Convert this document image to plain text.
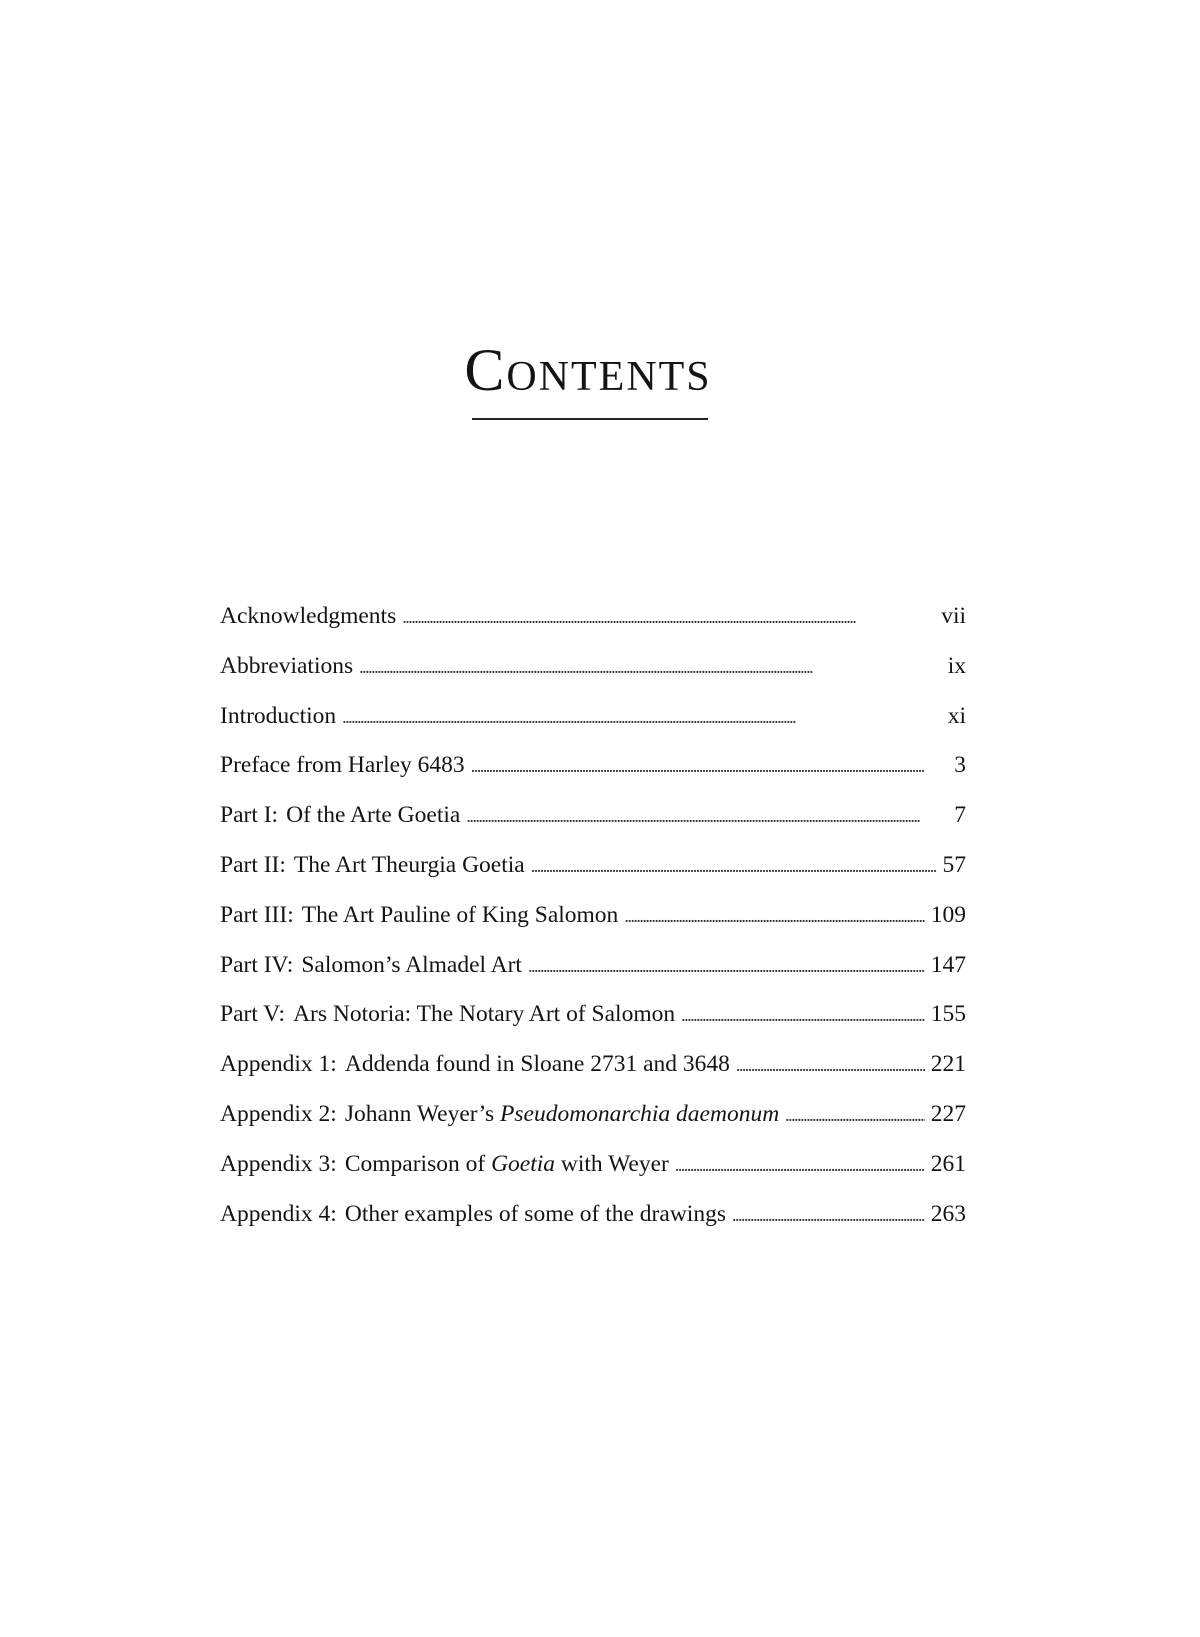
Contents
Acknowledgments . . .	vii
Abbreviations . . .	ix
Introduction . . .	xi
Preface from Harley 6483 . . .	3
Part I: Of the Arte Goetia . . .	7
Part II: The Art Theurgia Goetia . . .	57
Part III: The Art Pauline of King Salomon . . .	109
Part IV: Salomon’s Almadel Art . . .	147
Part V: Ars Notoria: The Notary Art of Salomon . . .	155
Appendix 1: Addenda found in Sloane 2731 and 3648 . . .	221
Appendix 2: Johann Weyer’s Pseudomonarchia daemonum . . .	227
Appendix 3: Comparison of Goetia with Weyer . . .	261
Appendix 4: Other examples of some of the drawings . . .	263
